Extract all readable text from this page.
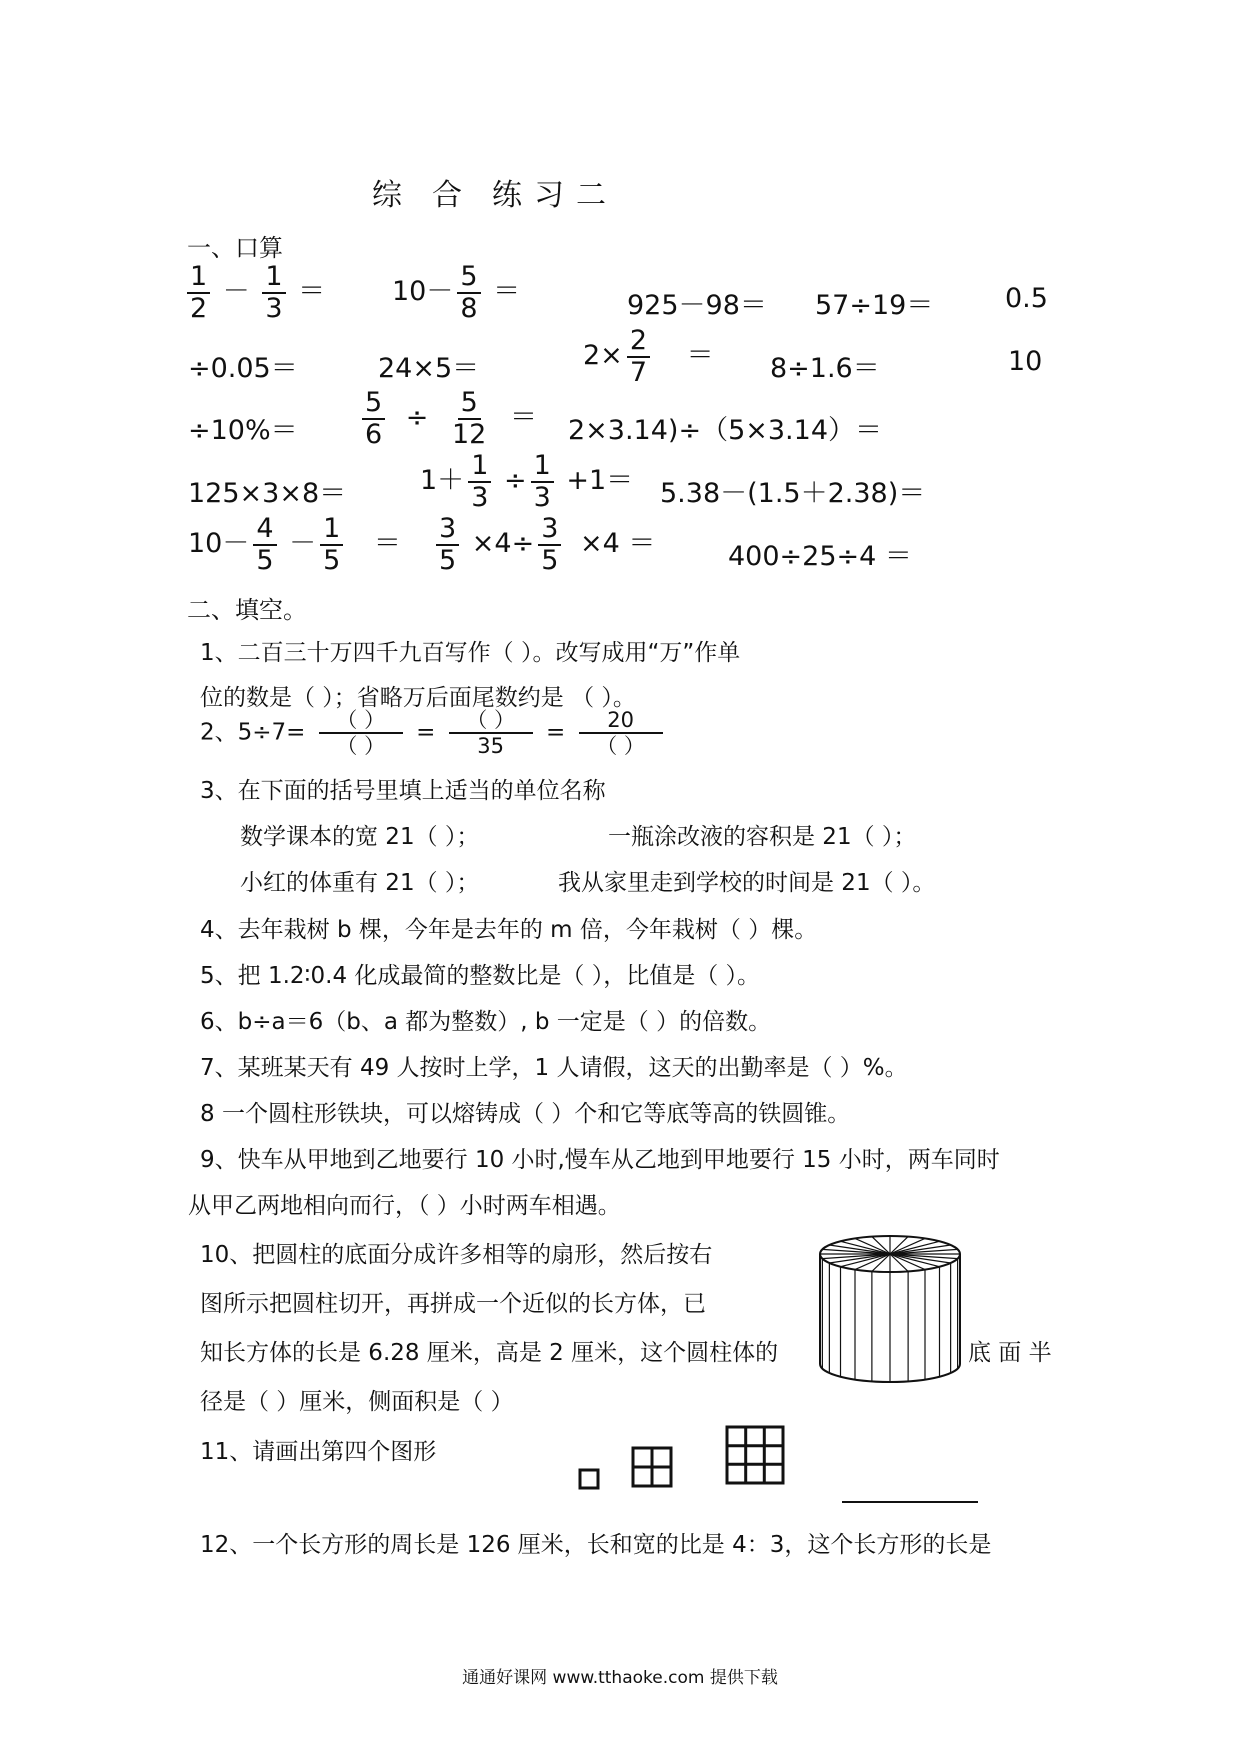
综 合 练 习 二
一、口算
$\frac{1}{2} - \frac{1}{3} = 10- \frac{5}{8}$ ＝	925－98＝ 57÷19＝	0.5
÷0.05＝	24×5＝	$2\times \frac{2}{7} = 8\div 1.6=$	10
$\div 10\%= \frac{5}{6} \div \frac{5}{12} = 2\times 3.14)\div(5\times 3.14)=$
125×3×8＝	$1+ \frac{1}{3} \div \frac{1}{3} +1= 5.38-(1.5+2.38)=$
$10- \frac{4}{5} - \frac{1}{5} = \frac{3}{5} \times 4\div \frac{3}{5} \times 4$ ＝	400÷25÷4 ＝
二、填空。
1、二百三十万四千九百写作（ ）。改写成用“万”作单
位的数是（ ）；省略万后面尾数约是 （ ）。
2、5÷7=	（ ）
（ ）
=	（ ）
35
=	20
（ ）
3、在下面的括号里填上适当的单位名称
数学课本的宽 21（ ）；	一瓶涂改液的容积是 21（ ）；
小红的体重有 21（ ）；	我从家里走到学校的时间是 21（ ）。
4、去年栽树 b 棵，今年是去年的 m 倍，今年栽树（ ）棵。
5、把 1.2∶0.4 化成最简的整数比是（ ），比值是（ ）。
6、b÷a＝6（b、a 都为整数）, b 一定是（ ）的倍数。
7、某班某天有 49 人按时上学，1 人请假，这天的出勤率是（ ）%。
8 一个圆柱形铁块，可以熔铸成（ ）个和它等底等高的铁圆锥。
9、快车从甲地到乙地要行 10 小时,慢车从乙地到甲地要行 15 小时，两车同时
从甲乙两地相向而行，（ ）小时两车相遇。
10、把圆柱的底面分成许多相等的扇形，然后按右
图所示把圆柱切开，再拼成一个近似的长方体，已
知长方体的长是 6.28 厘米，高是 2 厘米，这个圆柱体的	底 面 半
径是（ ）厘米，侧面积是（ ）
11、请画出第四个图形
12、一个长方形的周长是 126 厘米，长和宽的比是 4：3，这个长方形的长是
通通好课网 www.tthaoke.com 提供下载
